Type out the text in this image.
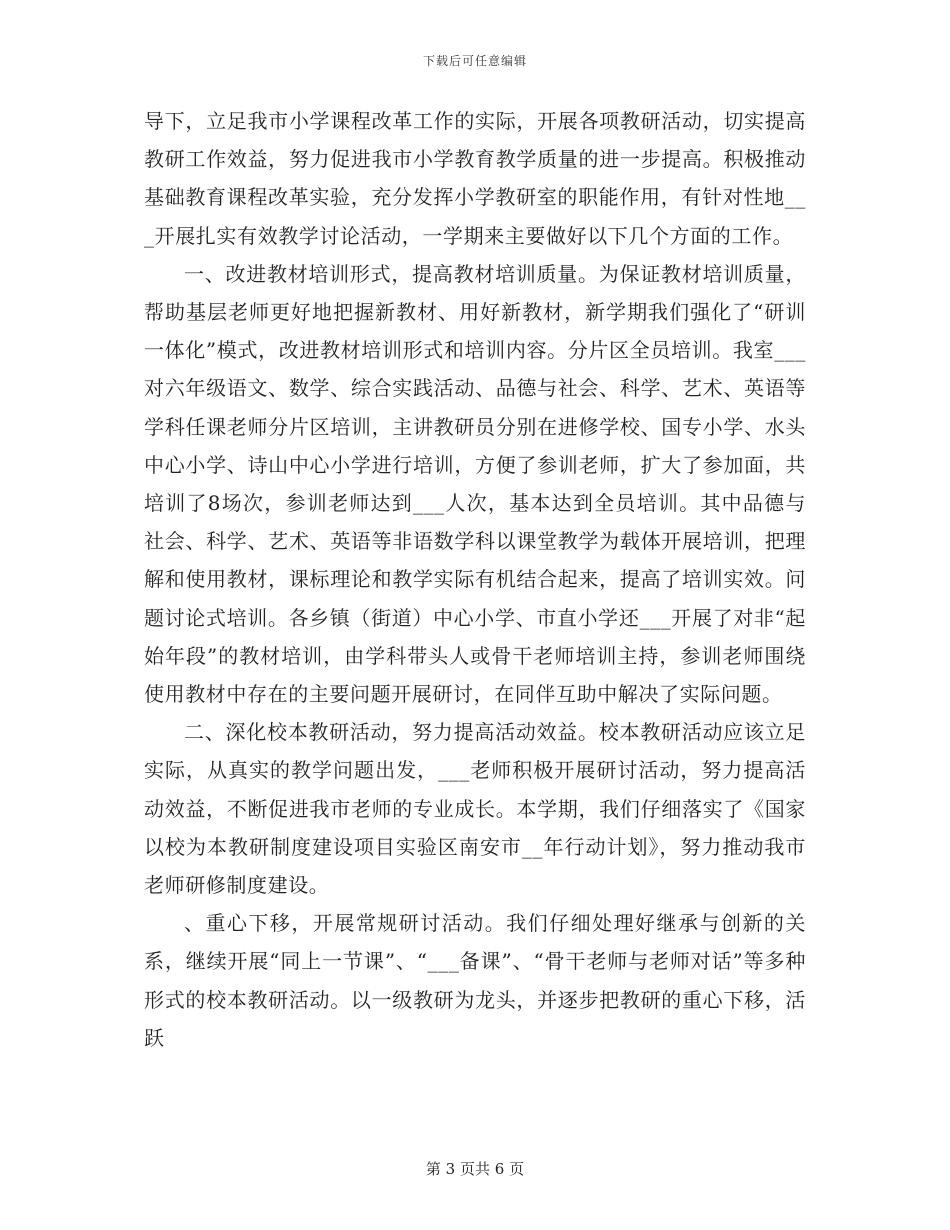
下载后可任意编辑

导下，立足我市小学课程改革工作的实际，开展各项教研活动，切实提高教研工作效益，努力促进我市小学教育教学质量的进一步提高。积极推动基础教育课程改革实验，充分发挥小学教研室的职能作用，有针对性地___开展扎实有效教学讨论活动，一学期来主要做好以下几个方面的工作。

一、改进教材培训形式，提高教材培训质量。为保证教材培训质量，帮助基层老师更好地把握新教材、用好新教材，新学期我们强化了“研训一体化”模式，改进教材培训形式和培训内容。分片区全员培训。我室___对六年级语文、数学、综合实践活动、品德与社会、科学、艺术、英语等学科任课老师分片区培训，主讲教研员分别在进修学校、国专小学、水头中心小学、诗山中心小学进行培训，方便了参训老师，扩大了参加面，共培训了8场次，参训老师达到___人次，基本达到全员培训。其中品德与社会、科学、艺术、英语等非语数学科以课堂教学为载体开展培训，把理解和使用教材，课标理论和教学实际有机结合起来，提高了培训实效。问题讨论式培训。各乡镇（街道）中心小学、市直小学还___开展了对非“起始年段”的教材培训，由学科带头人或骨干老师培训主持，参训老师围绕使用教材中存在的主要问题开展研讨，在同伴互助中解决了实际问题。

二、深化校本教研活动，努力提高活动效益。校本教研活动应该立足实际，从真实的教学问题出发，___老师积极开展研讨活动，努力提高活动效益，不断促进我市老师的专业成长。本学期，我们仔细落实了《国家以校为本教研制度建设项目实验区南安市__年行动计划》，努力推动我市老师研修制度建设。

、重心下移，开展常规研讨活动。我们仔细处理好继承与创新的关系，继续开展“同上一节课”、“___备课”、“骨干老师与老师对话”等多种形式的校本教研活动。以一级教研为龙头，并逐步把教研的重心下移，活跃

第 3 页共 6 页
